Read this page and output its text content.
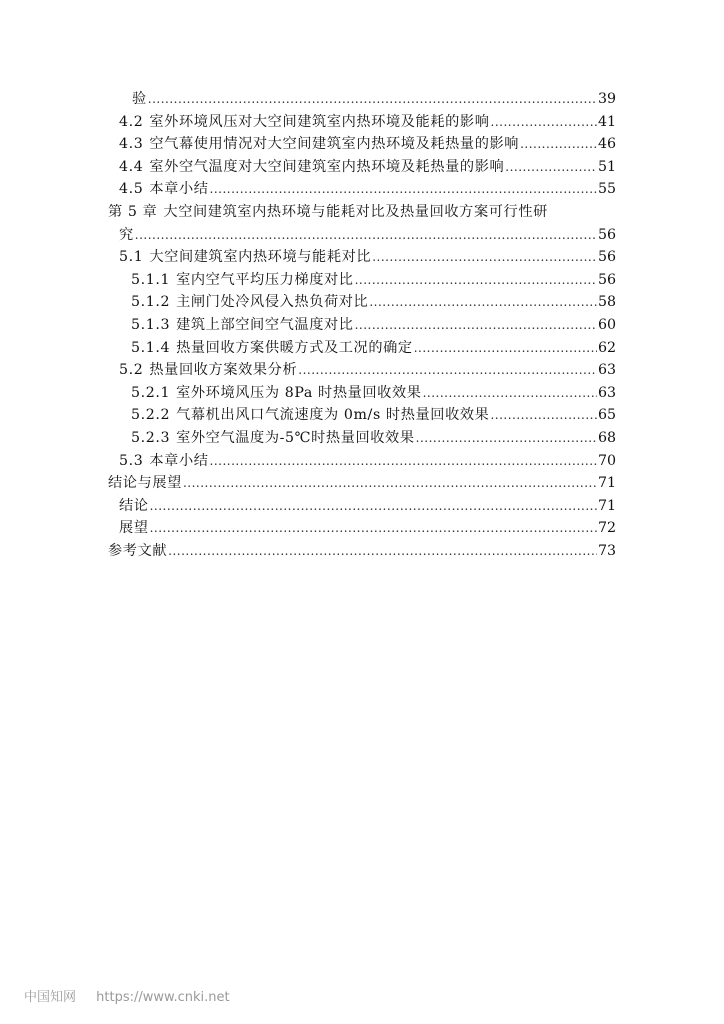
验 .....	39
4.2 室外环境风压对大空间建筑室内热环境及能耗的影响 .....	41
4.3 空气幕使用情况对大空间建筑室内热环境及耗热量的影响 .....	46
4.4 室外空气温度对大空间建筑室内热环境及耗热量的影响 .....	51
4.5 本章小结 .....	55
第 5 章 大空间建筑室内热环境与能耗对比及热量回收方案可行性研
究 .....	56
5.1 大空间建筑室内热环境与能耗对比 .....	56
5.1.1 室内空气平均压力梯度对比 .....	56
5.1.2 主闸门处冷风侵入热负荷对比 .....	58
5.1.3 建筑上部空间空气温度对比 .....	60
5.1.4 热量回收方案供暖方式及工况的确定 .....	62
5.2 热量回收方案效果分析 .....	63
5.2.1 室外环境风压为 8Pa 时热量回收效果 .....	63
5.2.2 气幕机出风口气流速度为 0m/s 时热量回收效果 .....	65
5.2.3 室外空气温度为-5℃时热量回收效果 .....	68
5.3 本章小结 .....	70
结论与展望 .....	71
结论 .....	71
展望 .....	72
参考文献 .....	73
中国知网 https://www.cnki.net
